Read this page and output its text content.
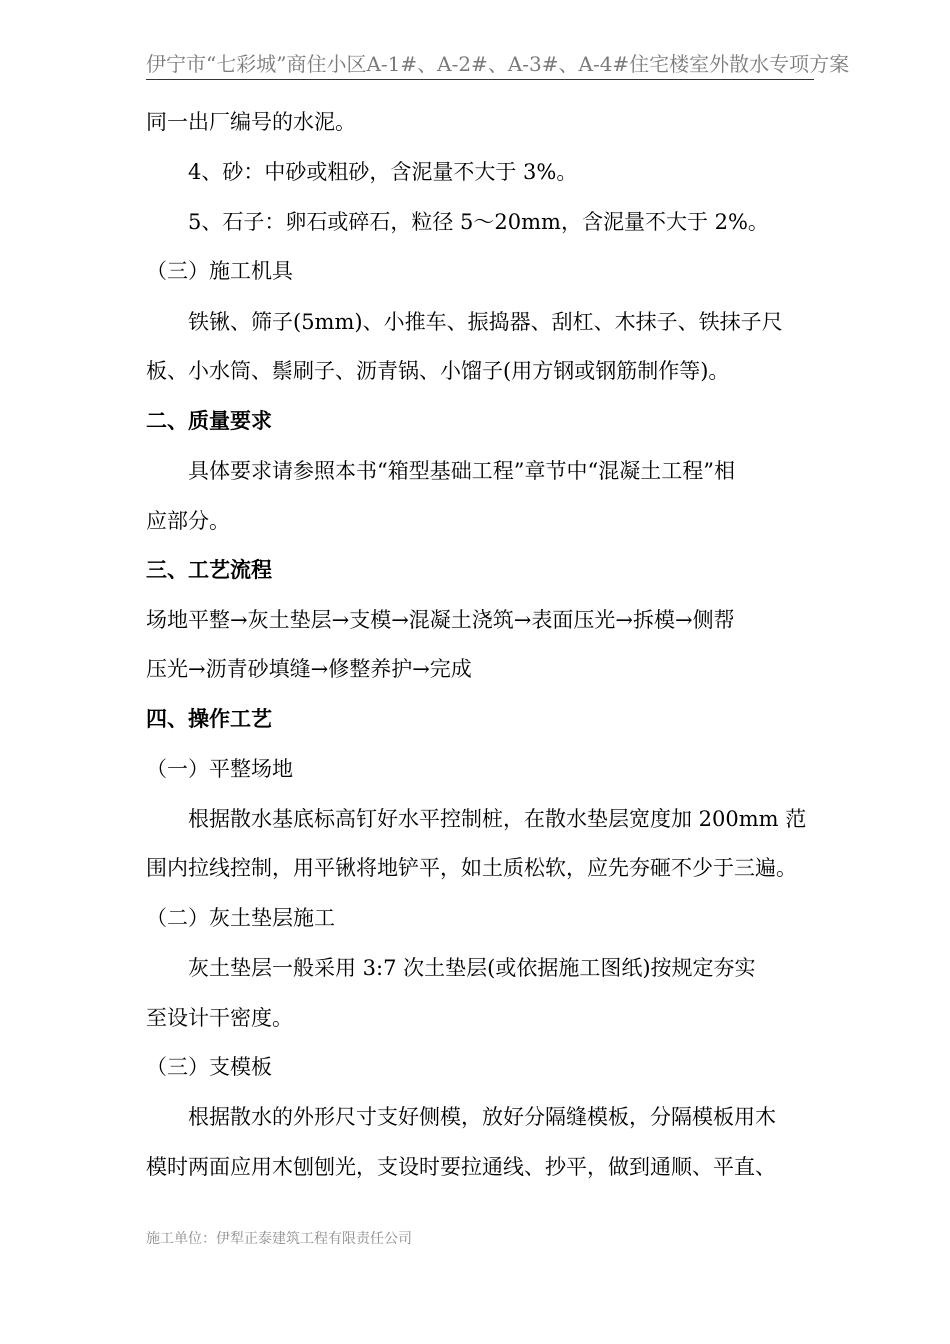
伊宁市“七彩城”商住小区A-1#、A-2#、A-3#、A-4#住宅楼室外散水专项方案
同一出厂编号的水泥。
4、砂：中砂或粗砂，含泥量不大于 3%。
5、石子：卵石或碎石，粒径 5～20mm，含泥量不大于 2%。
（三）施工机具
铁锹、筛子(5mm)、小推车、振捣器、刮杠、木抹子、铁抹子尺
板、小水筒、鬃刷子、沥青锅、小馏子(用方钢或钢筋制作等)。
二、质量要求
具体要求请参照本书“箱型基础工程”章节中“混凝土工程”相
应部分。
三、工艺流程
场地平整→灰土垫层→支模→混凝土浇筑→表面压光→拆模→侧帮
压光→沥青砂填缝→修整养护→完成
四、操作工艺
（一）平整场地
根据散水基底标高钉好水平控制桩，在散水垫层宽度加 200mm 范
围内拉线控制，用平锹将地铲平，如土质松软，应先夯砸不少于三遍。
（二）灰土垫层施工
灰土垫层一般采用 3:7 次土垫层(或依据施工图纸)按规定夯实
至设计干密度。
（三）支模板
根据散水的外形尺寸支好侧模，放好分隔缝模板，分隔模板用木
模时两面应用木刨刨光，支设时要拉通线、抄平，做到通顺、平直、
施工单位：伊犁正泰建筑工程有限责任公司
